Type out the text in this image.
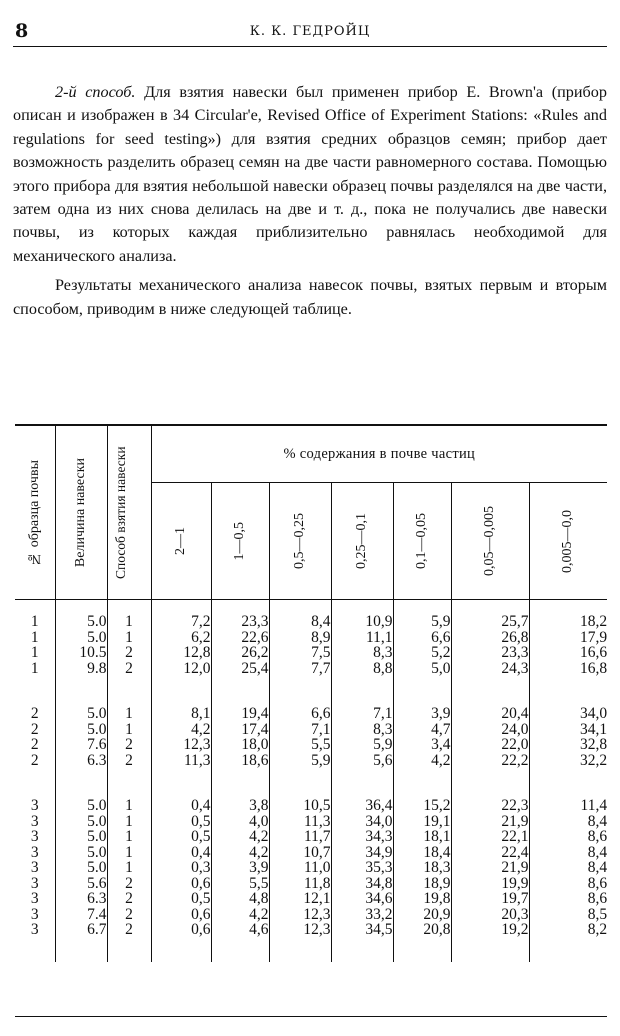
8	К. К. ГЕДРОЙЦ

2-й способ. Для взятия навески был применен прибор E. Brown'а (прибор описан и изображен в 34 Circular'е, Revised Office of Experiment Stations: «Rules and regulations for seed testing») для взятия средних образцов семян; прибор дает возможность разделить образец семян на две части равномерного состава. Помощью этого прибора для взятия небольшой навески образец почвы разделялся на две части, затем одна из них снова делилась на две и т. д., пока не получались две навески почвы, из которых каждая приблизительно равнялась необходимой для механического анализа.

Результаты механического анализа навесок почвы, взятых первым и вторым способом, приводим в ниже следующей таблице.

№ образца почвы	Величина навески	Способ взятия навески	% содержания в почве частиц						

			2—1	1—0,5	0,5—0,25	0,25—0,1	0,1—0,05	0,05—0,005	0,005—0,0

1	5.0	1	7,2	23,3	8,4	10,9	5,9	25,7	18,2
1	5.0	1	6,2	22,6	8,9	11,1	6,6	26,8	17,9
1	10.5	2	12,8	26,2	7,5	8,3	5,2	23,3	16,6
1	9.8	2	12,0	25,4	7,7	8,8	5,0	24,3	16,8

2	5.0	1	8,1	19,4	6,6	7,1	3,9	20,4	34,0
2	5.0	1	4,2	17,4	7,1	8,3	4,7	24,0	34,1
2	7.6	2	12,3	18,0	5,5	5,9	3,4	22,0	32,8
2	6.3	2	11,3	18,6	5,9	5,6	4,2	22,2	32,2

3	5.0	1	0,4	3,8	10,5	36,4	15,2	22,3	11,4
3	5.0	1	0,5	4,0	11,3	34,0	19,1	21,9	8,4
3	5.0	1	0,5	4,2	11,7	34,3	18,1	22,1	8,6
3	5.0	1	0,4	4,2	10,7	34,9	18,4	22,4	8,4
3	5.0	1	0,3	3,9	11,0	35,3	18,3	21,9	8,4
3	5.6	2	0,6	5,5	11,8	34,8	18,9	19,9	8,6
3	6.3	2	0,5	4,8	12,1	34,6	19,8	19,7	8,6
3	7.4	2	0,6	4,2	12,3	33,2	20,9	20,3	8,5
3	6.7	2	0,6	4,6	12,3	34,5	20,8	19,2	8,2
